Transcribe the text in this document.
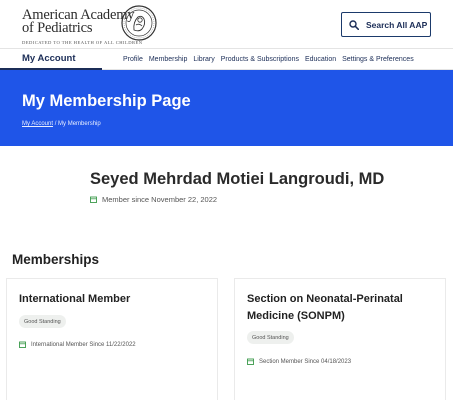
American Academy
of Pediatrics
DEDICATED TO THE HEALTH OF ALL CHILDREN
Search All AAP
My Account	Profile Membership Library Products & Subscriptions Education Settings & Preferences
My Membership Page
My Account / My Membership
Seyed Mehrdad Motiei Langroudi, MD
Member since November 22, 2022
Memberships
International Member
Good Standing
International Member Since 11/22/2022
Section on Neonatal-Perinatal
Medicine (SONPM)
Good Standing
Section Member Since 04/18/2023
